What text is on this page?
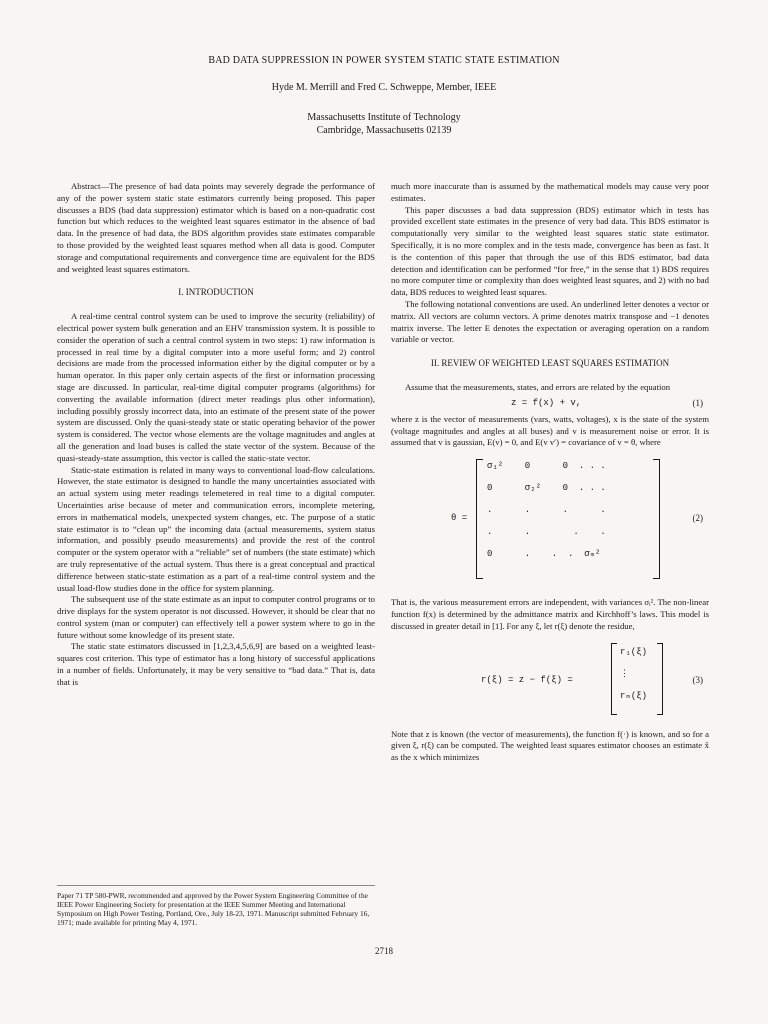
BAD DATA SUPPRESSION IN POWER SYSTEM STATIC STATE ESTIMATION
Hyde M. Merrill and Fred C. Schweppe, Member, IEEE
Massachusetts Institute of Technology
Cambridge, Massachusetts 02139

Abstract—The presence of bad data points may severely degrade the performance of any of the power system static state estimators currently being proposed. This paper discusses a BDS (bad data suppression) estimator which is based on a non-quadratic cost function but which reduces to the weighted least squares estimator in the absence of bad data. In the presence of bad data, the BDS algorithm provides state estimates comparable to those provided by the weighted least squares method when all data is good. Computer storage and computational requirements and convergence time are equivalent for the BDS and weighted least squares estimators.

I. INTRODUCTION

A real-time central control system can be used to improve the security (reliability) of electrical power system bulk generation and an EHV transmission system. It is possible to consider the operation of such a central control system in two steps: 1) raw information is processed in real time by a digital computer into a more useful form; and 2) control decisions are made from the processed information either by the digital computer or by a human operator. In this paper only certain aspects of the first or information processing stage are discussed. In particular, real-time digital computer programs (algorithms) for converting the available information (direct meter readings plus other information), including possibly grossly incorrect data, into an estimate of the present state of the power system are discussed. Only the quasi-steady state or static operating behavior of the power system is considered. The vector whose elements are the voltage magnitudes and angles at all the generation and load buses is called the state vector of the system. Because of the quasi-steady-state assumption, this vector is called the static-state vector.

Static-state estimation is related in many ways to conventional load-flow calculations. However, the state estimator is designed to handle the many uncertainties associated with an actual system using meter readings telemetered in real time to a digital computer. Uncertainties arise because of meter and communication errors, incomplete metering, errors in mathematical models, unexpected system changes, etc. The purpose of a static state estimator is to “clean up” the incoming data (actual measurements, system status information, and possibly pseudo measurements) and provide the rest of the control computer or the system operator with a “reliable” set of numbers (the state estimate) which are truly representative of the actual system. Thus there is a great conceptual and practical difference between static-state estimation as a part of a real-time control system and the usual load-flow studies done in the office for system planning.

The subsequent use of the state estimate as an input to computer control programs or to drive displays for the system operator is not discussed. However, it should be clear that no control system (man or computer) can effectively tell a power system where to go in the future without some knowledge of its present state.

The static state estimators discussed in [1,2,3,4,5,6,9] are based on a weighted least-squares cost criterion. This type of estimator has a long history of successful applications in a number of fields. Unfortunately, it may be very sensitive to “bad data.” That is, data that is

much more inaccurate than is assumed by the mathematical models may cause very poor estimates.

This paper discusses a bad data suppression (BDS) estimator which in tests has provided excellent state estimates in the presence of very bad data. This BDS estimator is computationally very similar to the weighted least squares static state estimator. Specifically, it is no more complex and in the tests made, convergence has been as fast. It is the contention of this paper that through the use of this BDS estimator, bad data detection and identification can be performed “for free,” in the sense that 1) BDS requires no more computer time or complexity than does weighted least squares, and 2) with no bad data, BDS reduces to weighted least squares.

The following notational conventions are used. An underlined letter denotes a vector or matrix. All vectors are column vectors. A prime denotes matrix transpose and −1 denotes matrix inverse. The letter E denotes the expectation or averaging operation on a random variable or vector.

II. REVIEW OF WEIGHTED LEAST SQUARES ESTIMATION

Assume that the measurements, states, and errors are related by the equation

z = f(x) + v,	(1)

where z is the vector of measurements (vars, watts, voltages), x is the state of the system (voltage magnitudes and angles at all buses) and v is measurement noise or error. It is assumed that v is gaussian, E(v) = 0, and E(v v′) = covariance of v = θ, where

θ =
σ₁²    0      0  . . .
0      σ₂²    0  . . .
.      .      .      .
.      .        .    .
0      .    .  .  σₘ²
(2)

That is, the various measurement errors are independent, with variances σᵢ². The non-linear function f(x) is determined by the admittance matrix and Kirchhoff’s laws. This model is discussed in greater detail in [1]. For any ξ, let r(ξ) denote the residue,

r(ξ) = z − f(ξ) =
r₁(ξ)
⋮
rₘ(ξ)
(3)

Note that z is known (the vector of measurements), the function f(·) is known, and so for a given ξ, r(ξ) can be computed. The weighted least squares estimator chooses an estimate x̂ as the x which minimizes

Paper 71 TP 580-PWR, recommended and approved by the Power System Engineering Committee of the IEEE Power Engineering Society for presentation at the IEEE Summer Meeting and International Symposium on High Power Testing, Portland, Ore., July 18-23, 1971. Manuscript submitted February 16, 1971; made available for printing May 4, 1971.
2718
